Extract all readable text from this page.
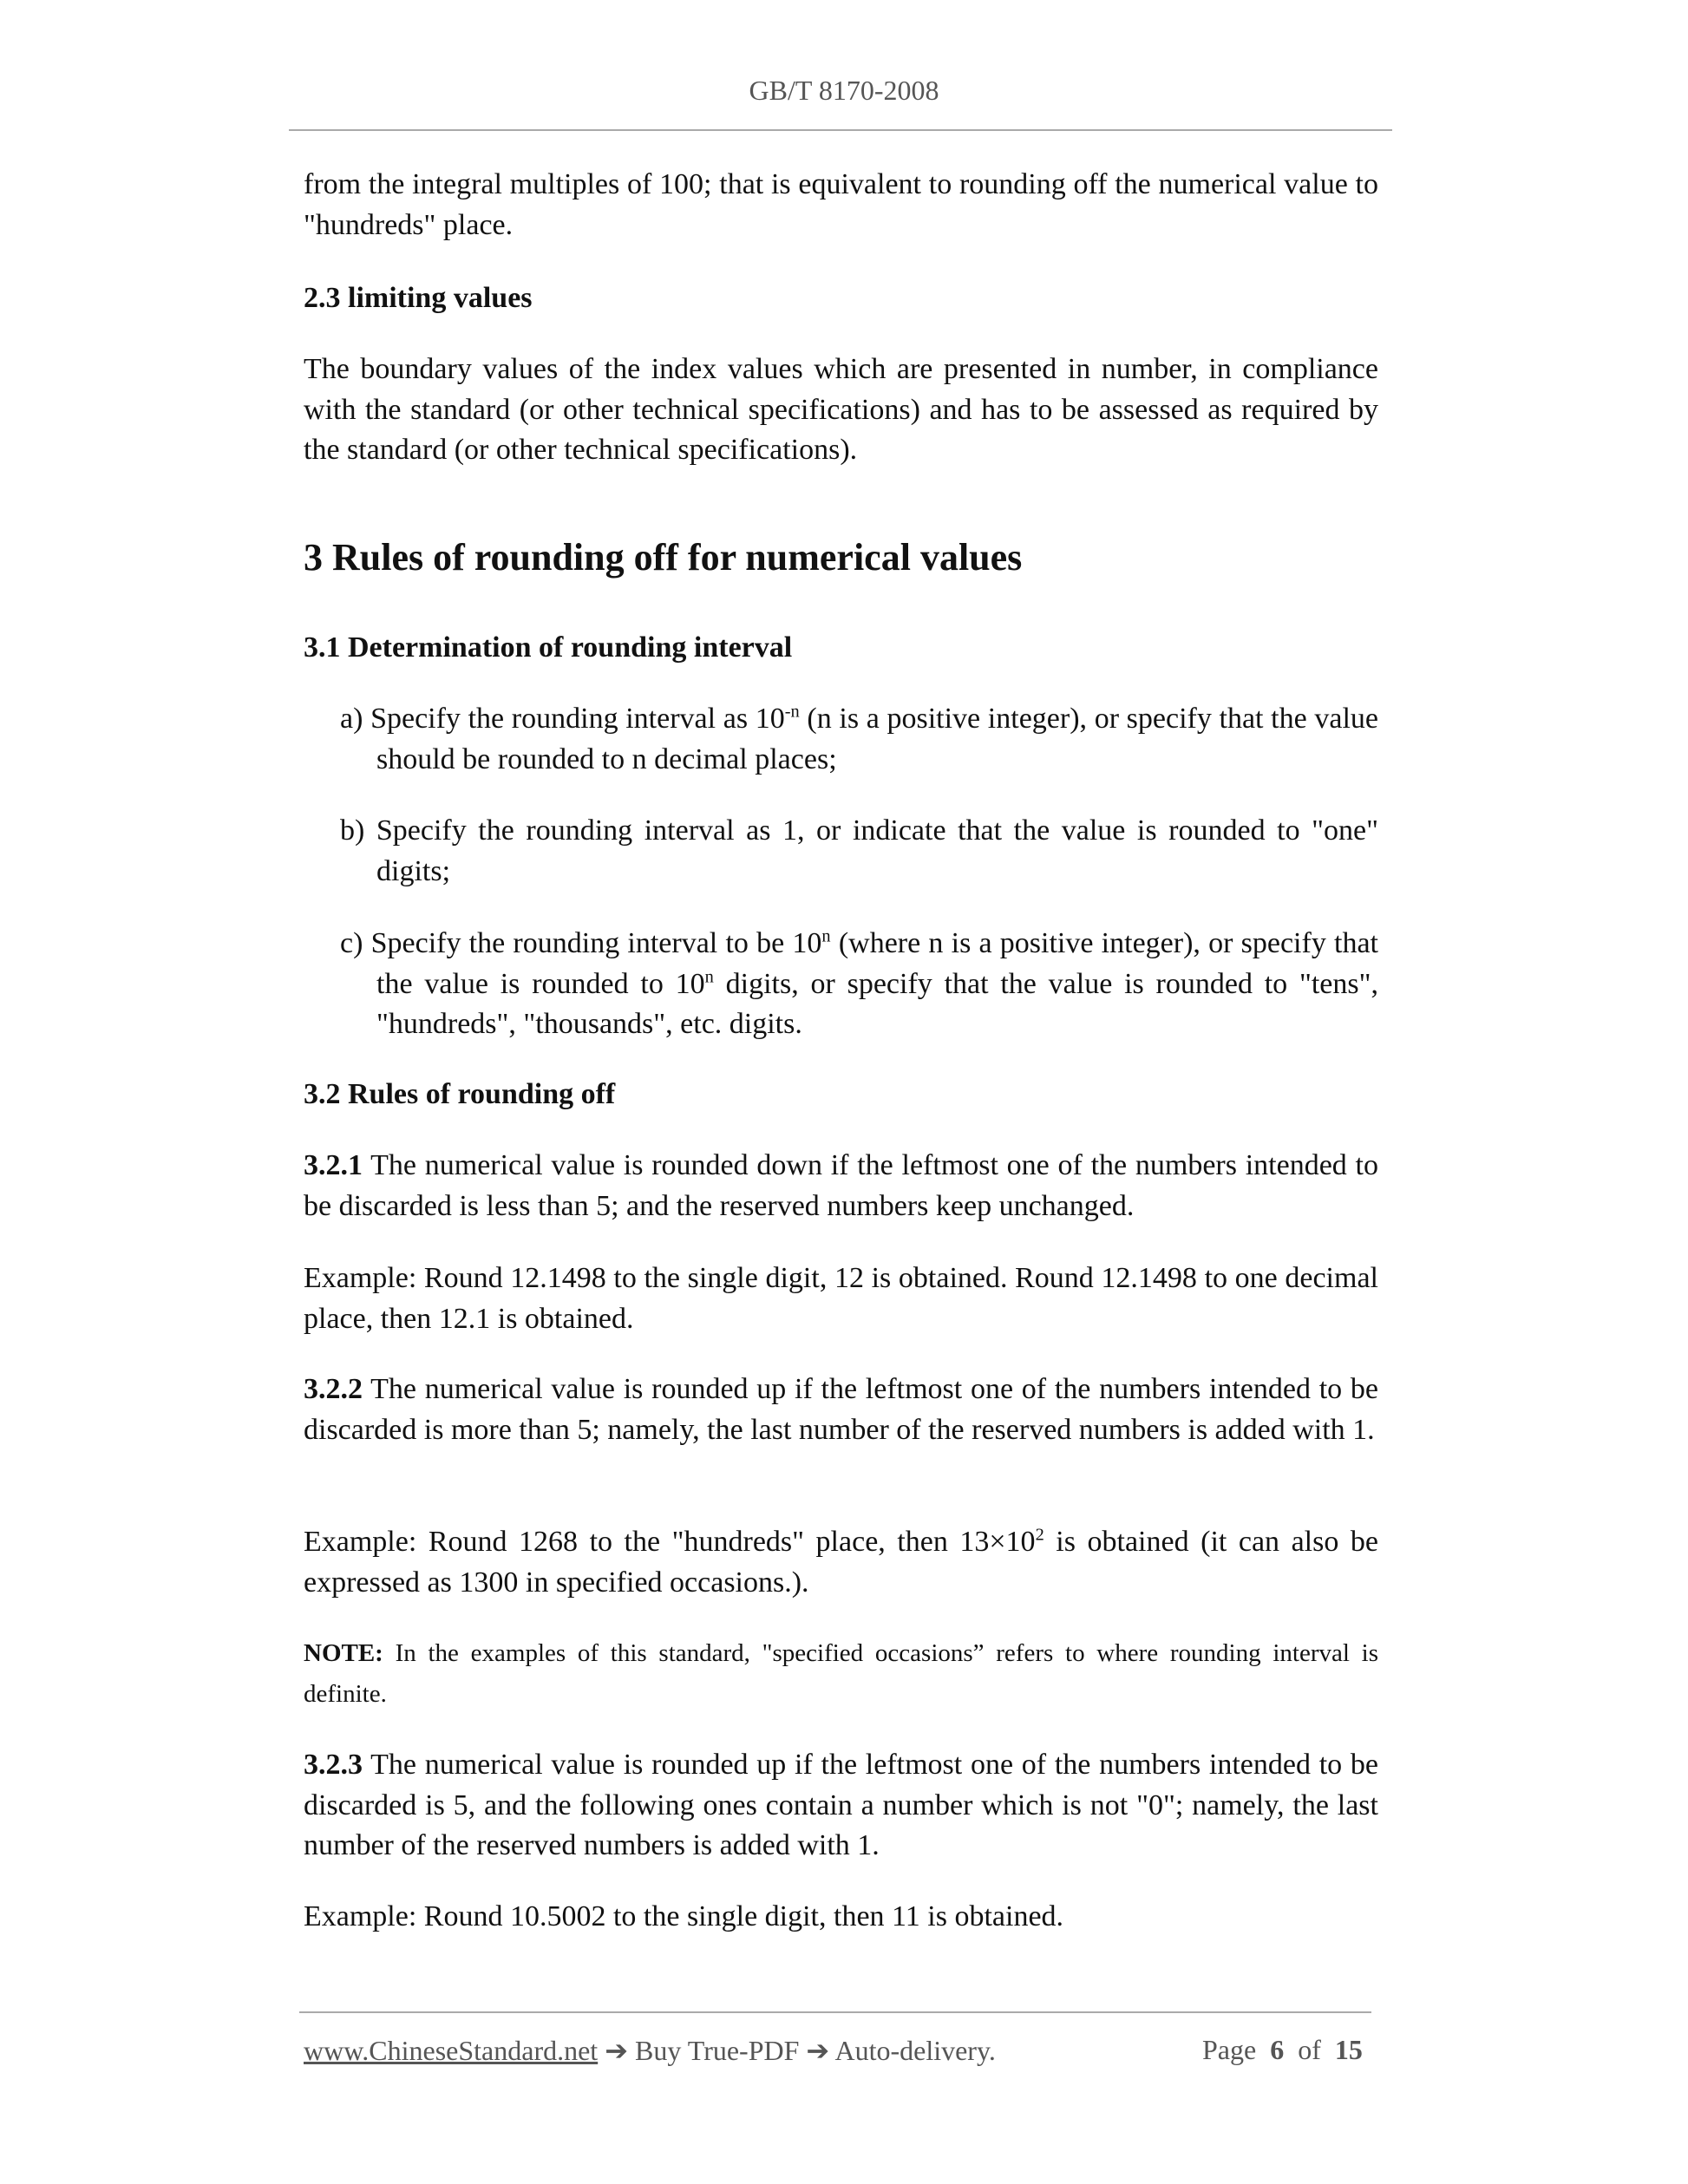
GB/T 8170-2008
from the integral multiples of 100; that is equivalent to rounding off the numerical value to "hundreds" place.
2.3 limiting values
The boundary values of the index values which are presented in number, in compliance with the standard (or other technical specifications) and has to be assessed as required by the standard (or other technical specifications).
3 Rules of rounding off for numerical values
3.1 Determination of rounding interval
a) Specify the rounding interval as $10^{-n}$ (n is a positive integer), or specify that the value should be rounded to n decimal places;
b) Specify the rounding interval as 1, or indicate that the value is rounded to "one" digits;
c) Specify the rounding interval to be 10$^n$ (where n is a positive integer), or specify that the value is rounded to 10$^n$ digits, or specify that the value is rounded to "tens", "hundreds", "thousands", etc. digits.
3.2 Rules of rounding off
3.2.1 The numerical value is rounded down if the leftmost one of the numbers intended to be discarded is less than 5; and the reserved numbers keep unchanged.
Example: Round 12.1498 to the single digit, 12 is obtained. Round 12.1498 to one decimal place, then 12.1 is obtained.
3.2.2 The numerical value is rounded up if the leftmost one of the numbers intended to be discarded is more than 5; namely, the last number of the reserved numbers is added with 1.
Example: Round 1268 to the "hundreds" place, then $13\times 10^2$ is obtained (it can also be expressed as 1300 in specified occasions.).
NOTE: In the examples of this standard, "specified occasions” refers to where rounding interval is definite.
3.2.3 The numerical value is rounded up if the leftmost one of the numbers intended to be discarded is 5, and the following ones contain a number which is not "0"; namely, the last number of the reserved numbers is added with 1.
Example: Round 10.5002 to the single digit, then 11 is obtained.
www.ChineseStandard.net ➔ Buy True-PDF ➔ Auto-delivery.	Page 6 of 15
